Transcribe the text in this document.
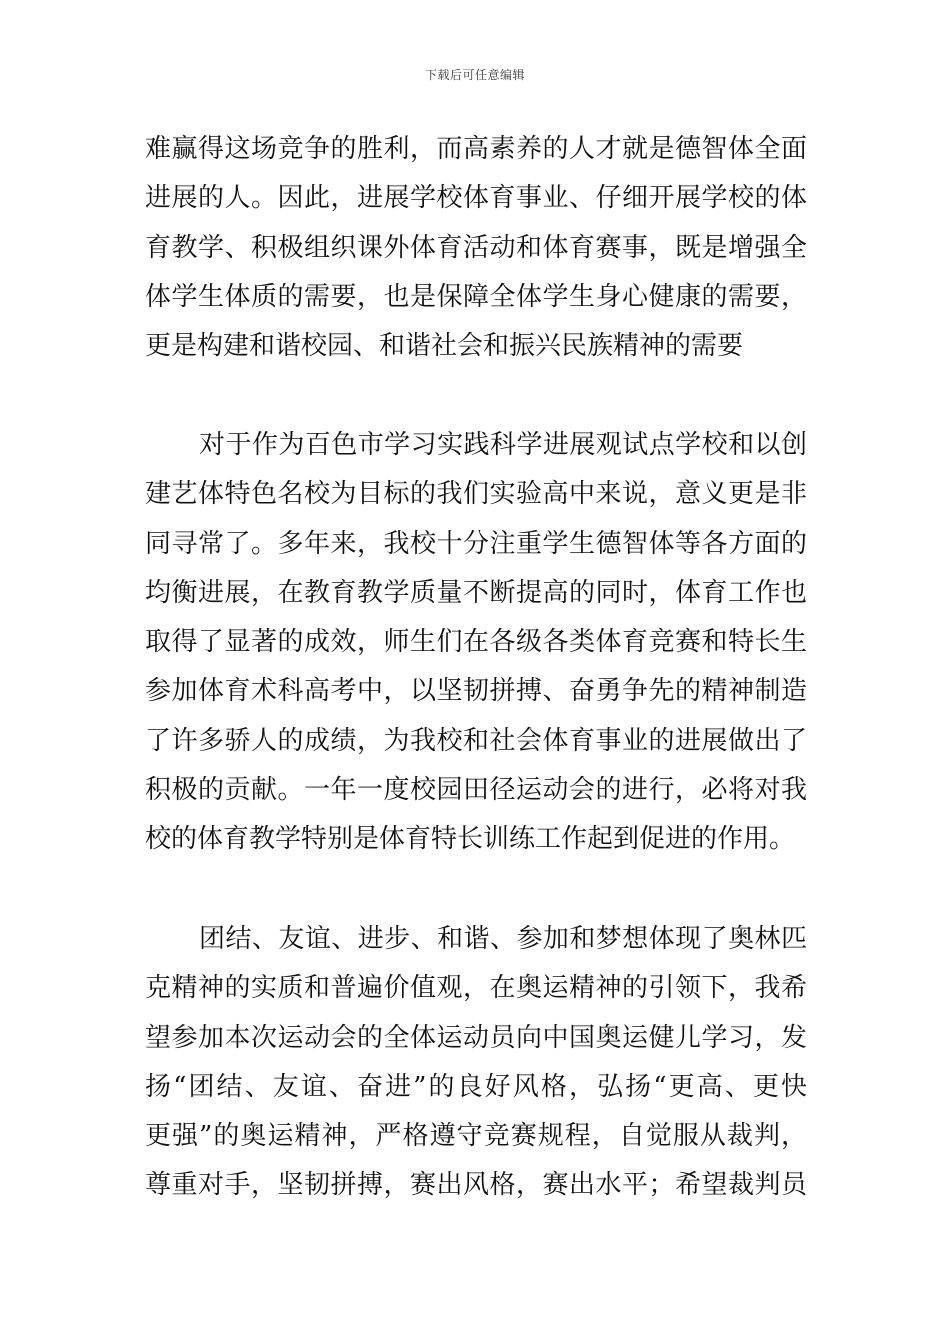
下载后可任意编辑
难赢得这场竞争的胜利，而高素养的人才就是德智体全面
进展的人。因此，进展学校体育事业、仔细开展学校的体
育教学、积极组织课外体育活动和体育赛事，既是增强全
体学生体质的需要，也是保障全体学生身心健康的需要，
更是构建和谐校园、和谐社会和振兴民族精神的需要
对于作为百色市学习实践科学进展观试点学校和以创
建艺体特色名校为目标的我们实验高中来说，意义更是非
同寻常了。多年来，我校十分注重学生德智体等各方面的
均衡进展，在教育教学质量不断提高的同时，体育工作也
取得了显著的成效，师生们在各级各类体育竞赛和特长生
参加体育术科高考中，以坚韧拼搏、奋勇争先的精神制造
了许多骄人的成绩，为我校和社会体育事业的进展做出了
积极的贡献。一年一度校园田径运动会的进行，必将对我
校的体育教学特别是体育特长训练工作起到促进的作用。
团结、友谊、进步、和谐、参加和梦想体现了奥林匹
克精神的实质和普遍价值观，在奥运精神的引领下，我希
望参加本次运动会的全体运动员向中国奥运健儿学习，发
扬“团结、友谊、奋进”的良好风格，弘扬“更高、更快
更强”的奥运精神，严格遵守竞赛规程，自觉服从裁判，
尊重对手，坚韧拼搏，赛出风格，赛出水平；希望裁判员
